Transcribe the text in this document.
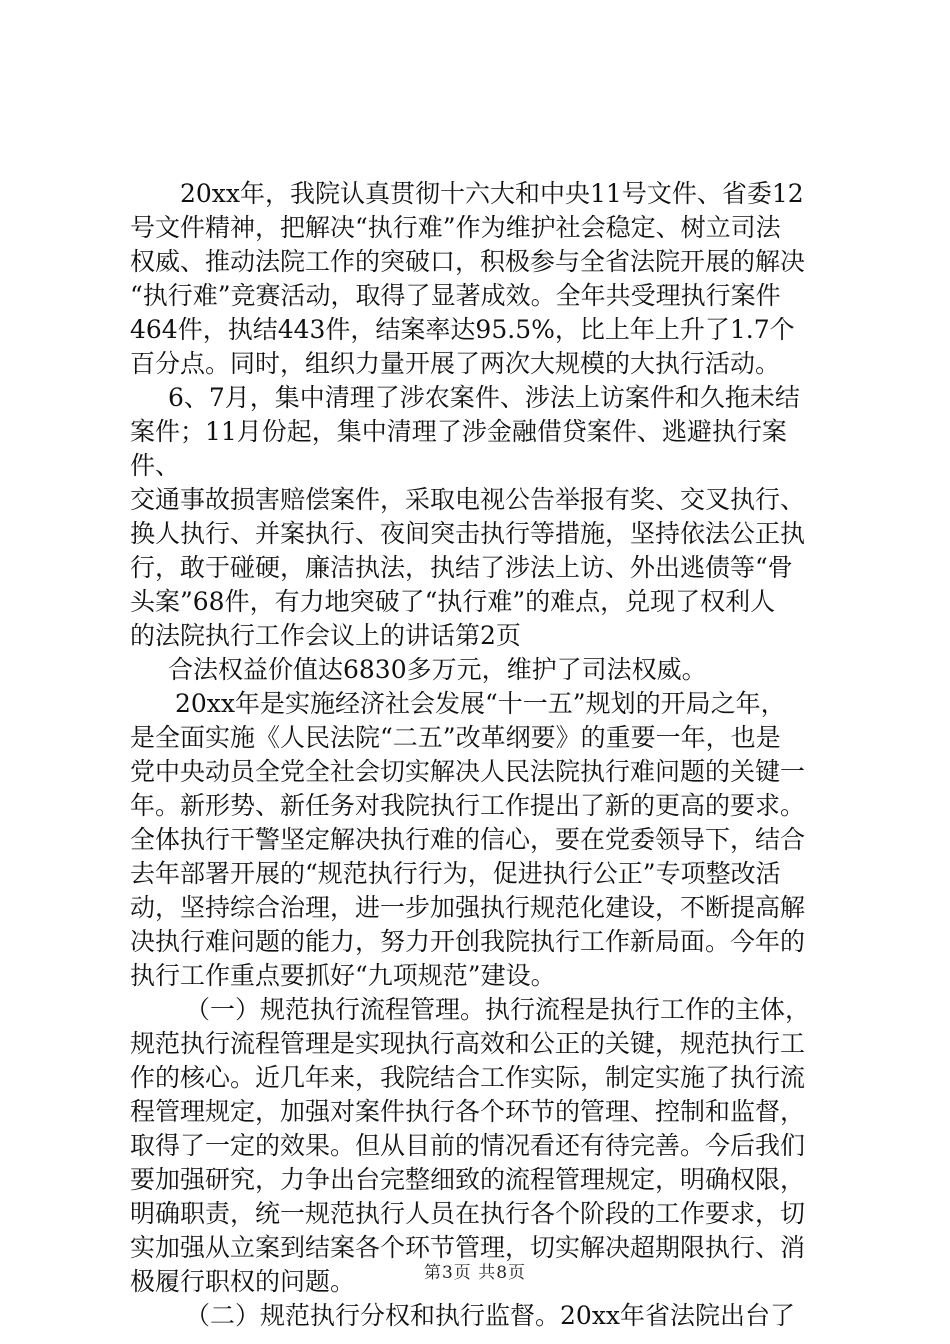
20xx年，我院认真贯彻十六大和中央11号文件、省委12
号文件精神，把解决“执行难”作为维护社会稳定、树立司法
权威、推动法院工作的突破口，积极参与全省法院开展的解决
“执行难”竞赛活动，取得了显著成效。全年共受理执行案件
464件，执结443件，结案率达95.5%，比上年上升了1.7个
百分点。同时，组织力量开展了两次大规模的大执行活动。

6、7月，集中清理了涉农案件、涉法上访案件和久拖未结
案件；11月份起，集中清理了涉金融借贷案件、逃避执行案件、
交通事故损害赔偿案件，采取电视公告举报有奖、交叉执行、
换人执行、并案执行、夜间突击执行等措施，坚持依法公正执
行，敢于碰硬，廉洁执法，执结了涉法上访、外出逃债等“骨
头案”68件，有力地突破了“执行难”的难点，兑现了权利人
的法院执行工作会议上的讲话第2页

合法权益价值达6830多万元，维护了司法权威。

20xx年是实施经济社会发展“十一五”规划的开局之年，
是全面实施《人民法院“二五”改革纲要》的重要一年，也是
党中央动员全党全社会切实解决人民法院执行难问题的关键一
年。新形势、新任务对我院执行工作提出了新的更高的要求。
全体执行干警坚定解决执行难的信心，要在党委领导下，结合
去年部署开展的“规范执行行为，促进执行公正”专项整改活
动，坚持综合治理，进一步加强执行规范化建设，不断提高解
决执行难问题的能力，努力开创我院执行工作新局面。今年的
执行工作重点要抓好“九项规范”建设。

（一）规范执行流程管理。执行流程是执行工作的主体，
规范执行流程管理是实现执行高效和公正的关键，规范执行工
作的核心。近几年来，我院结合工作实际，制定实施了执行流
程管理规定，加强对案件执行各个环节的管理、控制和监督，
取得了一定的效果。但从目前的情况看还有待完善。今后我们
要加强研究，力争出台完整细致的流程管理规定，明确权限，
明确职责，统一规范执行人员在执行各个阶段的工作要求，切
实加强从立案到结案各个环节管理，切实解决超期限执行、消
极履行职权的问题。

（二）规范执行分权和执行监督。20xx年省法院出台了

第3页 共8页
